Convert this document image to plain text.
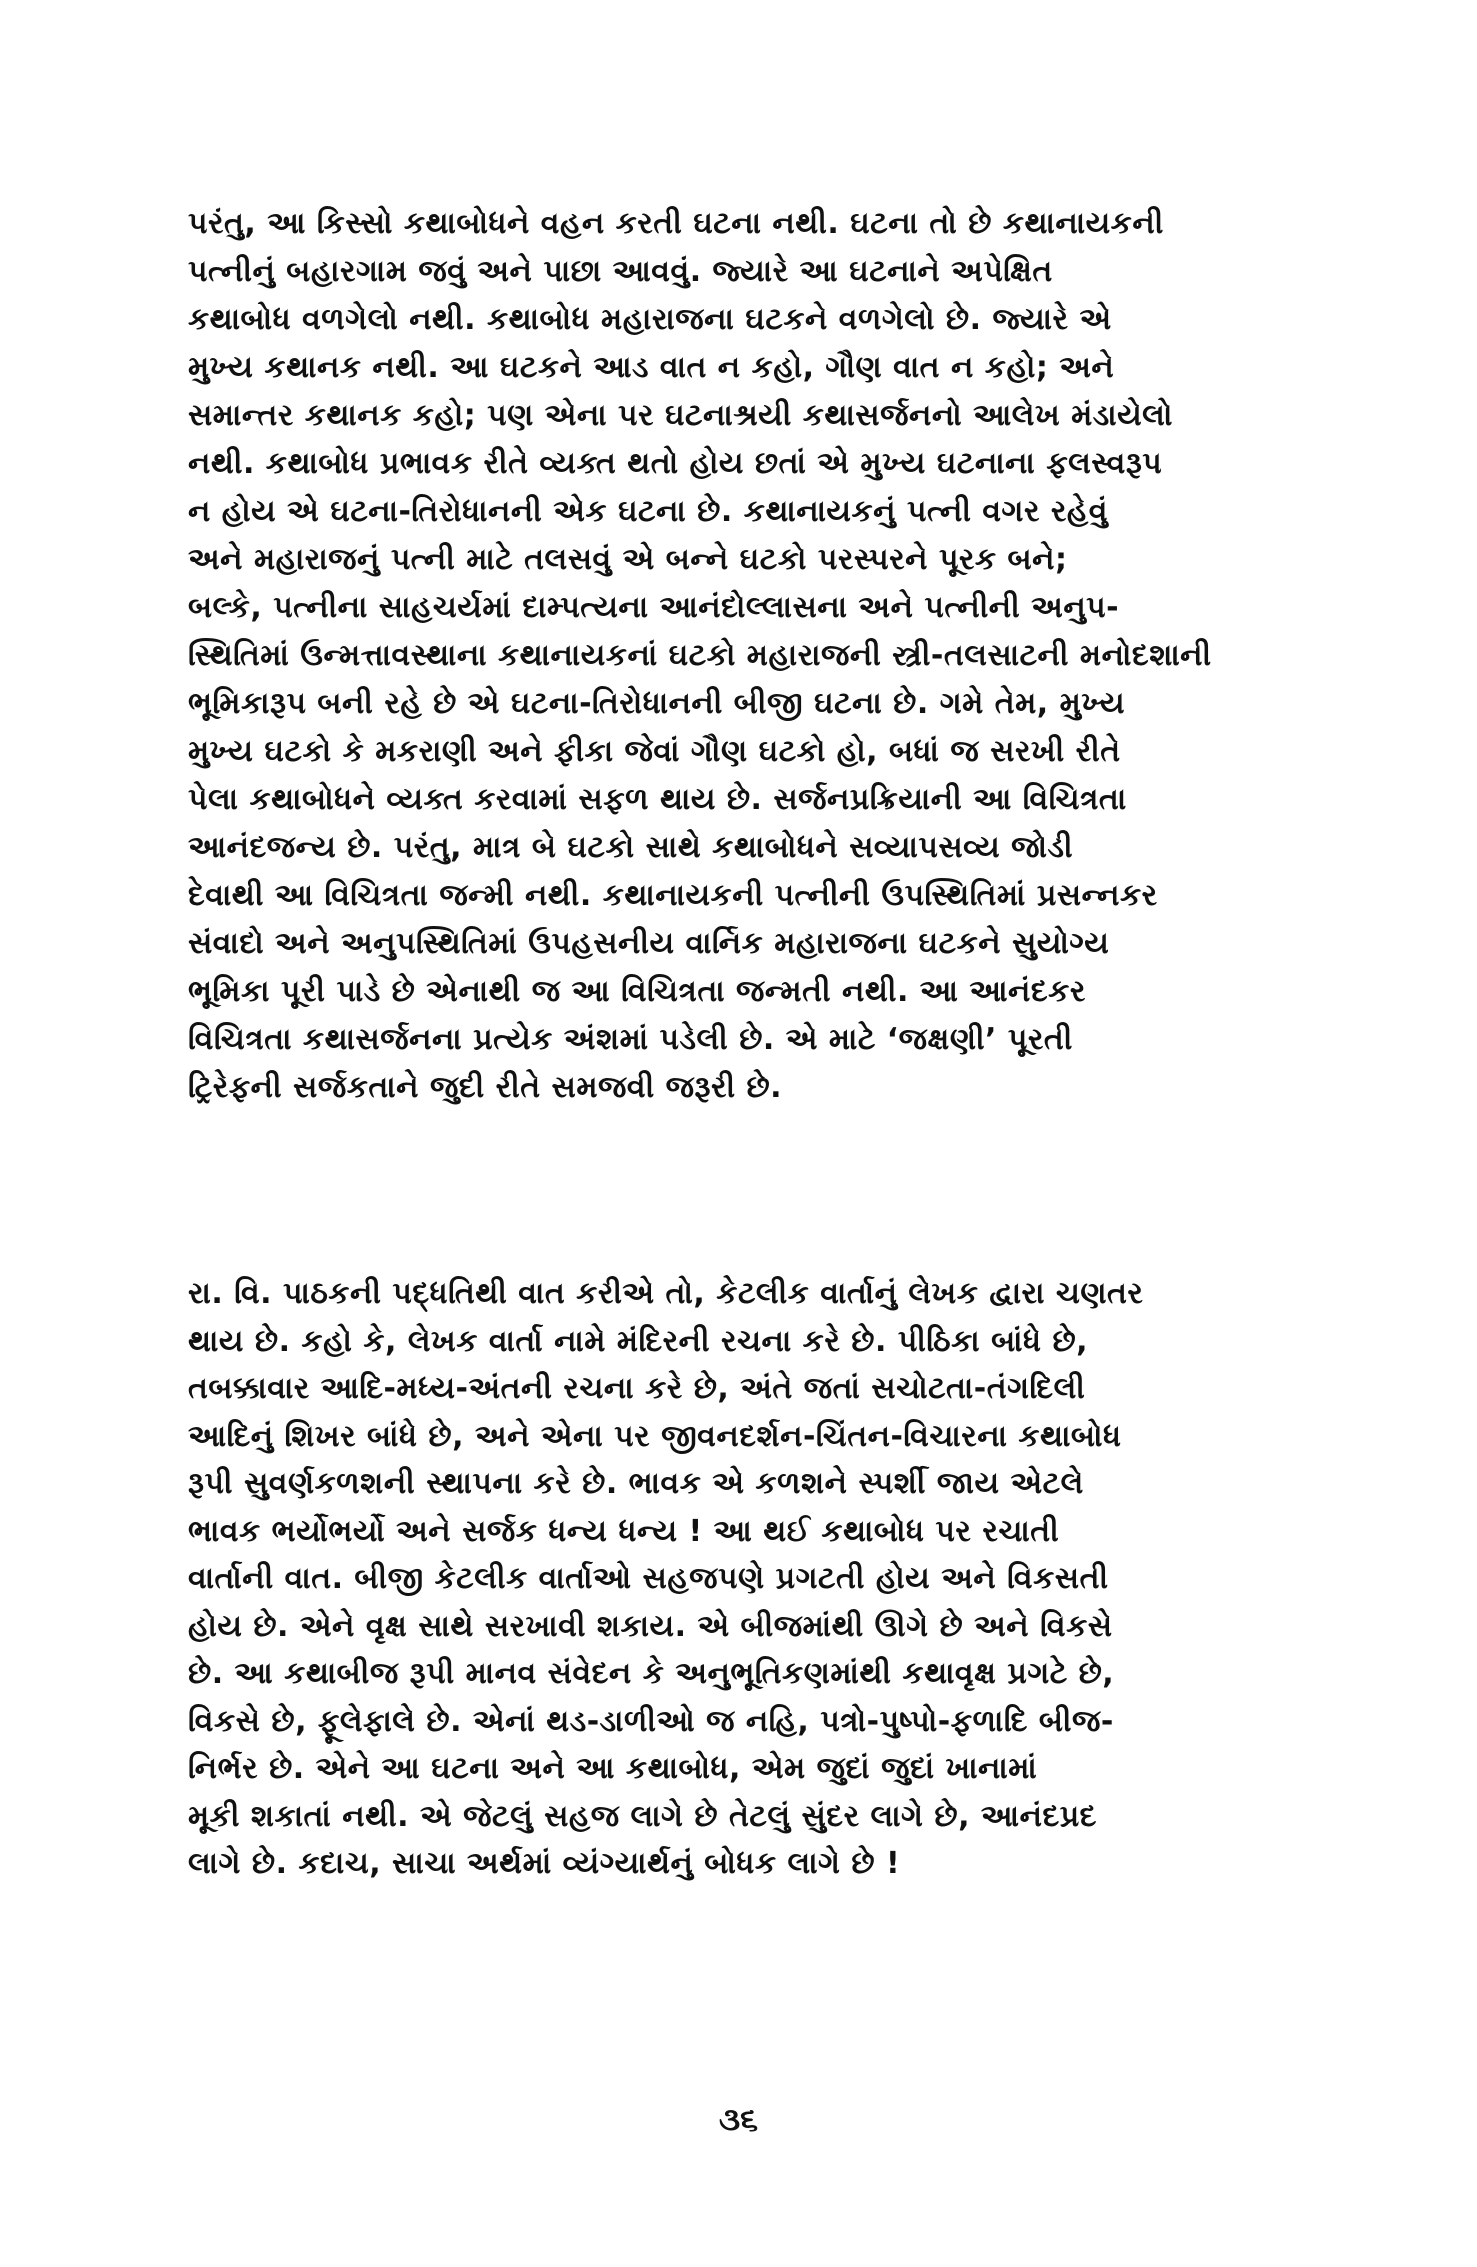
પરંતુ, આ કિસ્સો કથાબોધને વહન કરતી ઘટના નથી. ઘટના તો છે કથાનાયકની
પત્નીનું બહારગામ જવું અને પાછા આવવું. જ્યારે આ ઘટનાને અપેક્ષિત
કથાબોધ વળગેલો નથી. કથાબોધ મહારાજના ઘટકને વળગેલો છે. જ્યારે એ
મુખ્ય કથાનક નથી. આ ઘટકને આડ વાત ન કહો, ગૌણ વાત ન કહો; અને
સમાન્તર કથાનક કહો; પણ એના પર ઘટનાશ્રયી કથાસર્જનનો આલેખ મંડાયેલો
નથી. કથાબોધ પ્રભાવક રીતે વ્યક્ત થતો હોય છતાં એ મુખ્ય ઘટનાના ફલસ્વરૂપ
ન હોય એ ઘટના-તિરોધાનની એક ઘટના છે. કથાનાયકનું પત્ની વગર રહેવું
અને મહારાજનું પત્ની માટે તલસવું એ બન્ને ઘટકો પરસ્પરને પૂરક બને;
બલ્કે, પત્નીના સાહચર્યમાં દામ્પત્યના આનંદોલ્લાસના અને પત્નીની અનુપ-
સ્થિતિમાં ઉન્મત્તાવસ્થાના કથાનાયકનાં ઘટકો મહારાજની સ્ત્રી-તલસાટની મનોદશાની
ભૂમિકારૂપ બની રહે છે એ ઘટના-તિરોધાનની બીજી ઘટના છે. ગમે તેમ, મુખ્ય
મુખ્ય ઘટકો કે મકરાણી અને ફીકા જેવાં ગૌણ ઘટકો હો, બધાં જ સરખી રીતે
પેલા કથાબોધને વ્યક્ત કરવામાં સફળ થાય છે. સર્જનપ્રક્રિયાની આ વિચિત્રતા
આનંદજન્ય છે. પરંતુ, માત્ર બે ઘટકો સાથે કથાબોધને સવ્યાપસવ્ય જોડી
દેવાથી આ વિચિત્રતા જન્મી નથી. કથાનાયકની પત્નીની ઉપસ્થિતિમાં પ્રસન્નકર
સંવાદો અને અનુપસ્થિતિમાં ઉપહસનીય વાર્નિક મહારાજના ઘટકને સુયોગ્ય
ભૂમિકા પૂરી પાડે છે એનાથી જ આ વિચિત્રતા જન્મતી નથી. આ આનંદકર
વિચિત્રતા કથાસર્જનના પ્રત્યેક અંશમાં પડેલી છે. એ માટે ‘જક્ષણી’ પૂરતી
ટ્રિરેફની સર્જકતાને જુદી રીતે સમજવી જરૂરી છે.
રા. વિ. પાઠકની પદ્ધતિથી વાત કરીએ તો, કેટલીક વાર્તાનું લેખક દ્વારા ચણતર
થાય છે. કહો કે, લેખક વાર્તા નામે મંદિરની રચના કરે છે. પીઠિકા બાંધે છે,
તબક્કાવાર આદિ-મધ્ય-અંતની રચના કરે છે, અંતે જતાં સચોટતા-તંગદિલી
આદિનું શિખર બાંધે છે, અને એના પર જીવનદર્શન-ચિંતન-વિચારના કથાબોધ
રૂપી સુવર્ણકળશની સ્થાપના કરે છે. ભાવક એ કળશને સ્પર્શી જાય એટલે
ભાવક ભર્યોભર્યો અને સર્જક ધન્ય ધન્ય ! આ થઈ કથાબોધ પર રચાતી
વાર્તાની વાત. બીજી કેટલીક વાર્તાઓ સહજપણે પ્રગટતી હોય અને વિકસતી
હોય છે. એને વૃક્ષ સાથે સરખાવી શકાય. એ બીજમાંથી ઊગે છે અને વિકસે
છે. આ કથાબીજ રૂપી માનવ સંવેદન કે અનુભૂતિકણમાંથી કથાવૃક્ષ પ્રગટે છે,
વિકસે છે, ફૂલેફાલે છે. એનાં થડ-ડાળીઓ જ નહિ, પત્રો-પુષ્પો-ફળાદિ બીજ-
નિર્ભર છે. એને આ ઘટના અને આ કથાબોધ, એમ જુદાં જુદાં ખાનામાં
મૂકી શકાતાં નથી. એ જેટલું સહજ લાગે છે તેટલું સુંદર લાગે છે, આનંદપ્રદ
લાગે છે. કદાચ, સાચા અર્થમાં વ્યંગ્યાર્થનું બોધક લાગે છે !
૩૬
